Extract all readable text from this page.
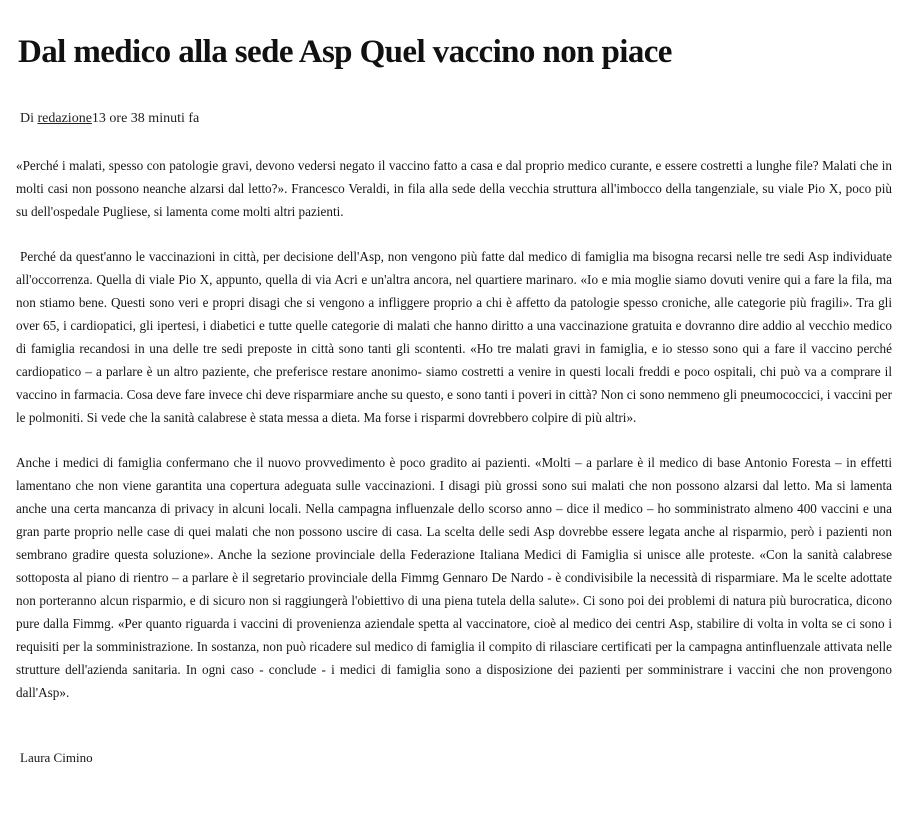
Dal medico alla sede Asp Quel vaccino non piace
Di redazione13 ore 38 minuti fa

«Perché i malati, spesso con patologie gravi, devono vedersi negato il vaccino fatto a casa e dal proprio medico curante, e essere costretti a lunghe file? Malati che in molti casi non possono neanche alzarsi dal letto?». Francesco Veraldi, in fila alla sede della vecchia struttura all'imbocco della tangenziale, su viale Pio X, poco più su dell'ospedale Pugliese, si lamenta come molti altri pazienti.

Perché da quest'anno le vaccinazioni in città, per decisione dell'Asp, non vengono più fatte dal medico di famiglia ma bisogna recarsi nelle tre sedi Asp individuate all'occorrenza. Quella di viale Pio X, appunto, quella di via Acri e un'altra ancora, nel quartiere marinaro. «Io e mia moglie siamo dovuti venire qui a fare la fila, ma non stiamo bene. Questi sono veri e propri disagi che si vengono a infliggere proprio a chi è affetto da patologie spesso croniche, alle categorie più fragili». Tra gli over 65, i cardiopatici, gli ipertesi, i diabetici e tutte quelle categorie di malati che hanno diritto a una vaccinazione gratuita e dovranno dire addio al vecchio medico di famiglia recandosi in una delle tre sedi preposte in città sono tanti gli scontenti. «Ho tre malati gravi in famiglia, e io stesso sono qui a fare il vaccino perché cardiopatico – a parlare è un altro paziente, che preferisce restare anonimo- siamo costretti a venire in questi locali freddi e poco ospitali, chi può va a comprare il vaccino in farmacia. Cosa deve fare invece chi deve risparmiare anche su questo, e sono tanti i poveri in città? Non ci sono nemmeno gli pneumococcici, i vaccini per le polmoniti. Si vede che la sanità calabrese è stata messa a dieta. Ma forse i risparmi dovrebbero colpire di più altri».

Anche i medici di famiglia confermano che il nuovo provvedimento è poco gradito ai pazienti. «Molti – a parlare è il medico di base Antonio Foresta – in effetti lamentano che non viene garantita una copertura adeguata sulle vaccinazioni. I disagi più grossi sono sui malati che non possono alzarsi dal letto. Ma si lamenta anche una certa mancanza di privacy in alcuni locali. Nella campagna influenzale dello scorso anno – dice il medico – ho somministrato almeno 400 vaccini e una gran parte proprio nelle case di quei malati che non possono uscire di casa. La scelta delle sedi Asp dovrebbe essere legata anche al risparmio, però i pazienti non sembrano gradire questa soluzione». Anche la sezione provinciale della Federazione Italiana Medici di Famiglia si unisce alle proteste. «Con la sanità calabrese sottoposta al piano di rientro – a parlare è il segretario provinciale della Fimmg Gennaro De Nardo - è condivisibile la necessità di risparmiare. Ma le scelte adottate non porteranno alcun risparmio, e di sicuro non si raggiungerà l'obiettivo di una piena tutela della salute». Ci sono poi dei problemi di natura più burocratica, dicono pure dalla Fimmg. «Per quanto riguarda i vaccini di provenienza aziendale spetta al vaccinatore, cioè al medico dei centri Asp, stabilire di volta in volta se ci sono i requisiti per la somministrazione. In sostanza, non può ricadere sul medico di famiglia il compito di rilasciare certificati per la campagna antinfluenzale attivata nelle strutture dell'azienda sanitaria. In ogni caso - conclude - i medici di famiglia sono a disposizione dei pazienti per somministrare i vaccini che non provengono dall'Asp».

Laura Cimino
